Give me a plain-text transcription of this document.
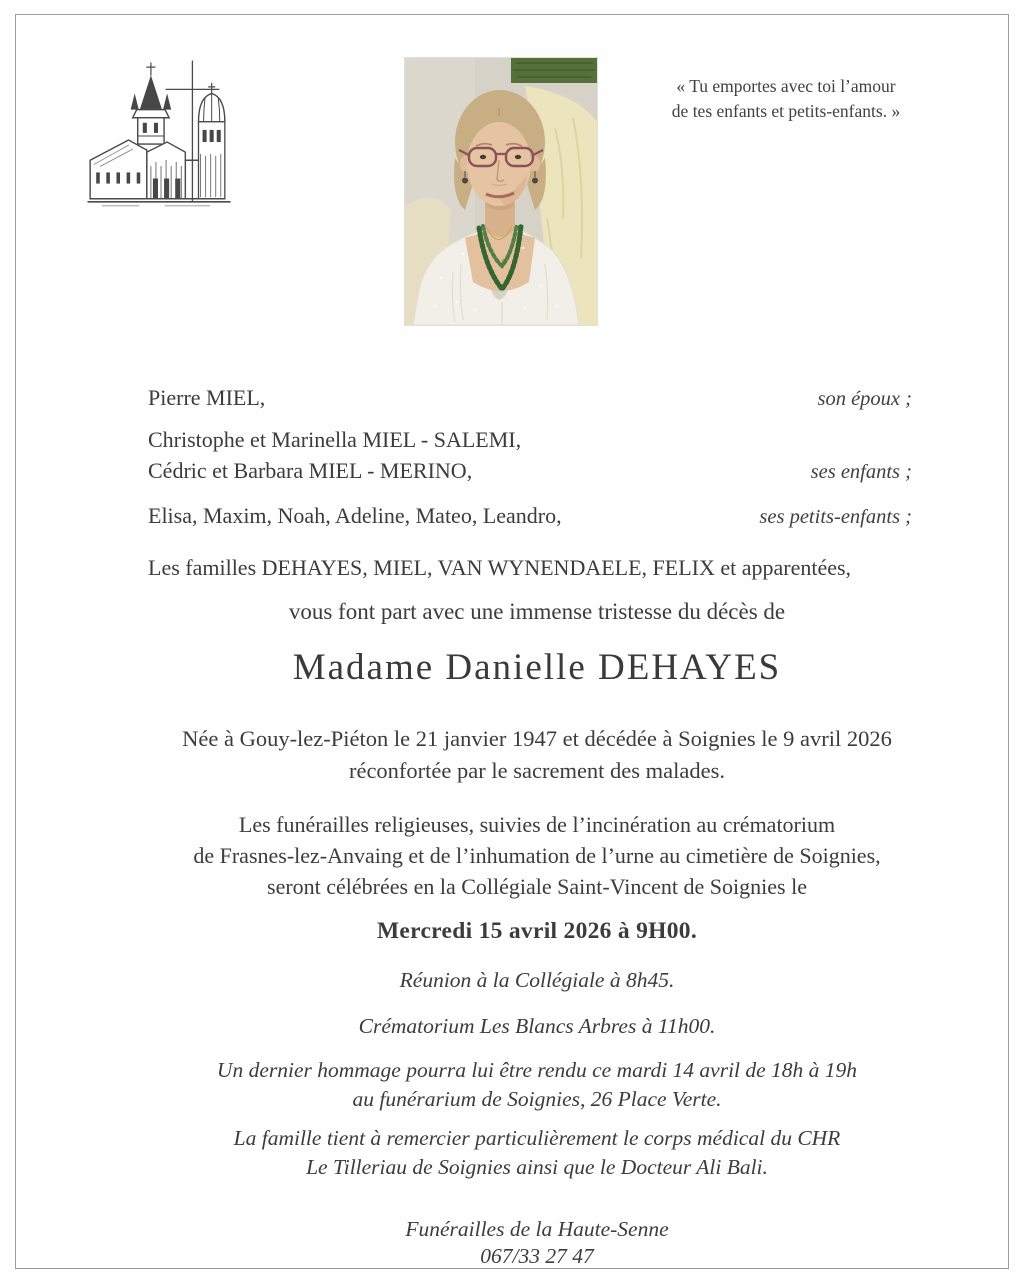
« Tu emportes avec toi l’amour
de tes enfants et petits-enfants. »
Pierre MIEL,	son époux ;
Christophe et Marinella MIEL - SALEMI,
Cédric et Barbara MIEL - MERINO,	ses enfants ;
Elisa, Maxim, Noah, Adeline, Mateo, Leandro,	ses petits-enfants ;
Les familles DEHAYES, MIEL, VAN WYNENDAELE, FELIX et apparentées,
vous font part avec une immense tristesse du décès de
Madame Danielle DEHAYES
Née à Gouy-lez-Piéton le 21 janvier 1947 et décédée à Soignies le 9 avril 2026
réconfortée par le sacrement des malades.
Les funérailles religieuses, suivies de l’incinération au crématorium
de Frasnes-lez-Anvaing et de l’inhumation de l’urne au cimetière de Soignies,
seront célébrées en la Collégiale Saint-Vincent de Soignies le
Mercredi 15 avril 2026 à 9H00.
Réunion à la Collégiale à 8h45.
Crématorium Les Blancs Arbres à 11h00.
Un dernier hommage pourra lui être rendu ce mardi 14 avril de 18h à 19h
au funérarium de Soignies, 26 Place Verte.
La famille tient à remercier particulièrement le corps médical du CHR
Le Tilleriau de Soignies ainsi que le Docteur Ali Bali.
Funérailles de la Haute-Senne
067/33 27 47
